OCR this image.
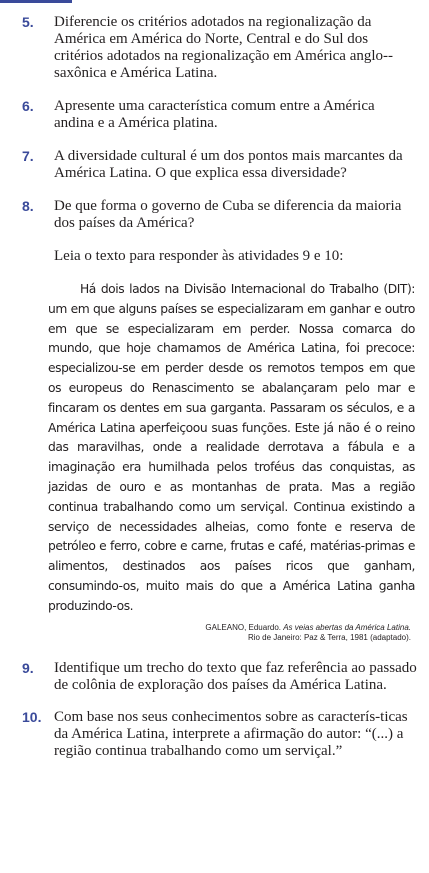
5.	Diferencie os critérios adotados na regionalização da América em América do Norte, Central e do Sul dos critérios adotados na regionalização em América anglo--saxônica e América Latina.
6.	Apresente uma característica comum entre a América andina e a América platina.
7.	A diversidade cultural é um dos pontos mais marcantes da América Latina. O que explica essa diversidade?
8.	De que forma o governo de Cuba se diferencia da maioria dos países da América?
Leia o texto para responder às atividades 9 e 10:
Há dois lados na Divisão Internacional do Trabalho (DIT): um em que alguns países se especializaram em ganhar e outro em que se especializaram em perder. Nossa comarca do mundo, que hoje chamamos de América Latina, foi precoce: especializou-se em perder desde os remotos tempos em que os europeus do Renascimento se abalançaram pelo mar e fincaram os dentes em sua garganta. Passaram os séculos, e a América Latina aperfeiçoou suas funções. Este já não é o reino das maravilhas, onde a realidade derrotava a fábula e a imaginação era humilhada pelos troféus das conquistas, as jazidas de ouro e as montanhas de prata. Mas a região continua trabalhando como um serviçal. Continua existindo a serviço de necessidades alheias, como fonte e reserva de petróleo e ferro, cobre e carne, frutas e café, matérias-primas e alimentos, destinados aos países ricos que ganham, consumindo-os, muito mais do que a América Latina ganha produzindo-os.
GALEANO, Eduardo. As veias abertas da América Latina.
Rio de Janeiro: Paz & Terra, 1981 (adaptado).
9.	Identifique um trecho do texto que faz referência ao passado de colônia de exploração dos países da América Latina.
10. Com base nos seus conhecimentos sobre as caracterís-ticas da América Latina, interprete a afirmação do autor: “(...) a região continua trabalhando como um serviçal.”
